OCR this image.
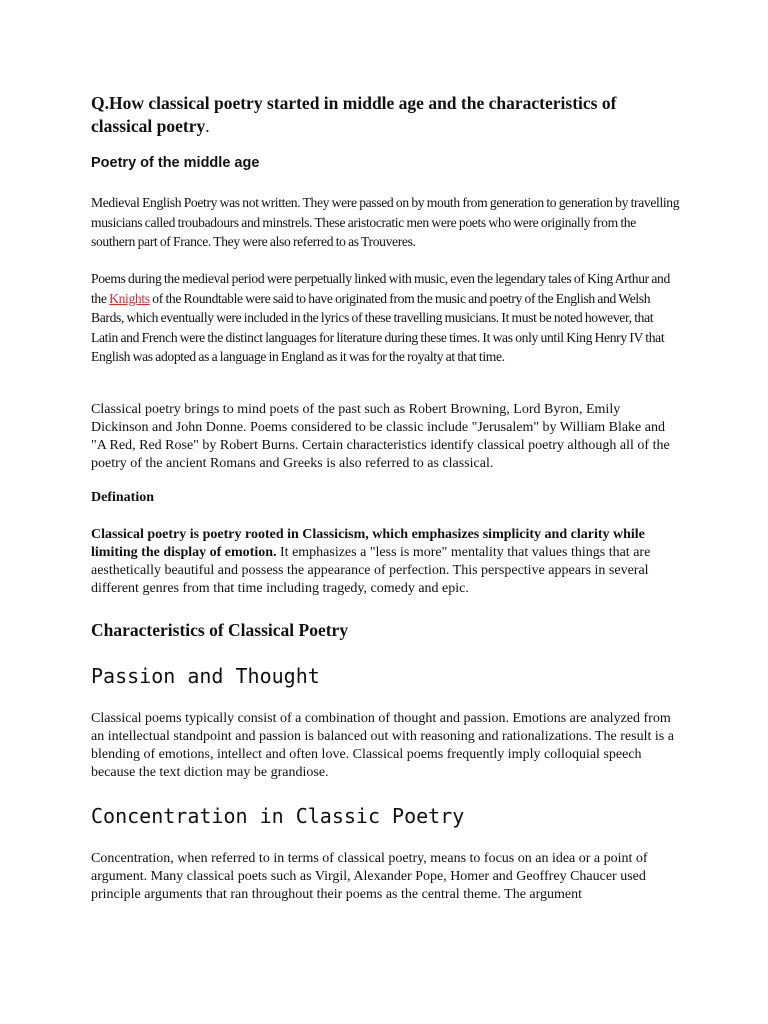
Q.How classical poetry started in middle age and the characteristics of classical poetry.
Poetry of the middle age
Medieval English Poetry was not written. They were passed on by mouth from generation to generation by travelling musicians called troubadours and minstrels. These aristocratic men were poets who were originally from the southern part of France. They were also referred to as Trouveres.
Poems during the medieval period were perpetually linked with music, even the legendary tales of King Arthur and the Knights of the Roundtable were said to have originated from the music and poetry of the English and Welsh Bards, which eventually were included in the lyrics of these travelling musicians. It must be noted however, that Latin and French were the distinct languages for literature during these times. It was only until King Henry IV that English was adopted as a language in England as it was for the royalty at that time.
Classical poetry brings to mind poets of the past such as Robert Browning, Lord Byron, Emily Dickinson and John Donne. Poems considered to be classic include "Jerusalem" by William Blake and "A Red, Red Rose" by Robert Burns. Certain characteristics identify classical poetry although all of the poetry of the ancient Romans and Greeks is also referred to as classical.
Defination
Classical poetry is poetry rooted in Classicism, which emphasizes simplicity and clarity while limiting the display of emotion. It emphasizes a "less is more" mentality that values things that are aesthetically beautiful and possess the appearance of perfection. This perspective appears in several different genres from that time including tragedy, comedy and epic.
Characteristics of Classical Poetry
Passion and Thought
Classical poems typically consist of a combination of thought and passion. Emotions are analyzed from an intellectual standpoint and passion is balanced out with reasoning and rationalizations. The result is a blending of emotions, intellect and often love. Classical poems frequently imply colloquial speech because the text diction may be grandiose.
Concentration in Classic Poetry
Concentration, when referred to in terms of classical poetry, means to focus on an idea or a point of argument. Many classical poets such as Virgil, Alexander Pope, Homer and Geoffrey Chaucer used principle arguments that ran throughout their poems as the central theme. The argument
